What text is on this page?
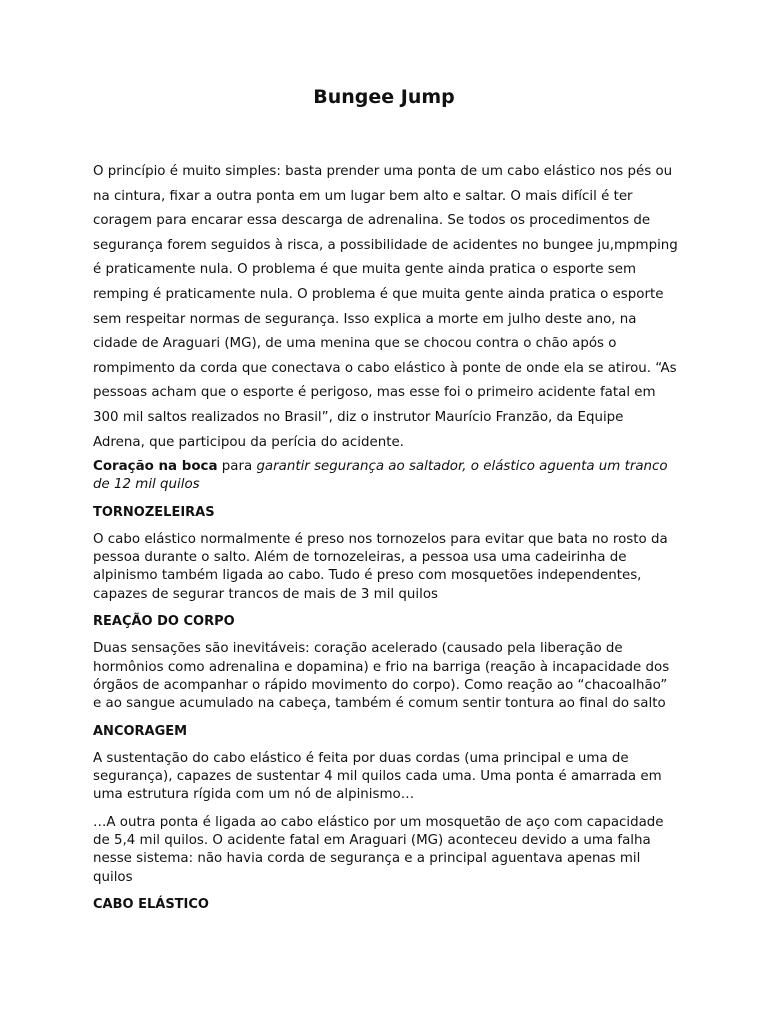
Bungee Jump

O princípio é muito simples: basta prender uma ponta de um cabo elástico nos pés ou na cintura, fixar a outra ponta em um lugar bem alto e saltar. O mais difícil é ter coragem para encarar essa descarga de adrenalina. Se todos os procedimentos de segurança forem seguidos à risca, a possibilidade de acidentes no bungee ju,mpmping é praticamente nula. O problema é que muita gente ainda pratica o esporte sem remping é praticamente nula. O problema é que muita gente ainda pratica o esporte sem respeitar normas de segurança. Isso explica a morte em julho deste ano, na cidade de Araguari (MG), de uma menina que se chocou contra o chão após o rompimento da corda que conectava o cabo elástico à ponte de onde ela se atirou. “As pessoas acham que o esporte é perigoso, mas esse foi o primeiro acidente fatal em 300 mil saltos realizados no Brasil”, diz o instrutor Maurício Franzão, da Equipe Adrena, que participou da perícia do acidente.

Coração na boca para garantir segurança ao saltador, o elástico aguenta um tranco de 12 mil quilos

TORNOZELEIRAS

O cabo elástico normalmente é preso nos tornozelos para evitar que bata no rosto da pessoa durante o salto. Além de tornozeleiras, a pessoa usa uma cadeirinha de alpinismo também ligada ao cabo. Tudo é preso com mosquetões independentes, capazes de segurar trancos de mais de 3 mil quilos

REAÇÃO DO CORPO

Duas sensações são inevitáveis: coração acelerado (causado pela liberação de hormônios como adrenalina e dopamina) e frio na barriga (reação à incapacidade dos órgãos de acompanhar o rápido movimento do corpo). Como reação ao “chacoalhão” e ao sangue acumulado na cabeça, também é comum sentir tontura ao final do salto

ANCORAGEM

A sustentação do cabo elástico é feita por duas cordas (uma principal e uma de segurança), capazes de sustentar 4 mil quilos cada uma. Uma ponta é amarrada em uma estrutura rígida com um nó de alpinismo…

…A outra ponta é ligada ao cabo elástico por um mosquetão de aço com capacidade de 5,4 mil quilos. O acidente fatal em Araguari (MG) aconteceu devido a uma falha nesse sistema: não havia corda de segurança e a principal aguentava apenas mil quilos

CABO ELÁSTICO
